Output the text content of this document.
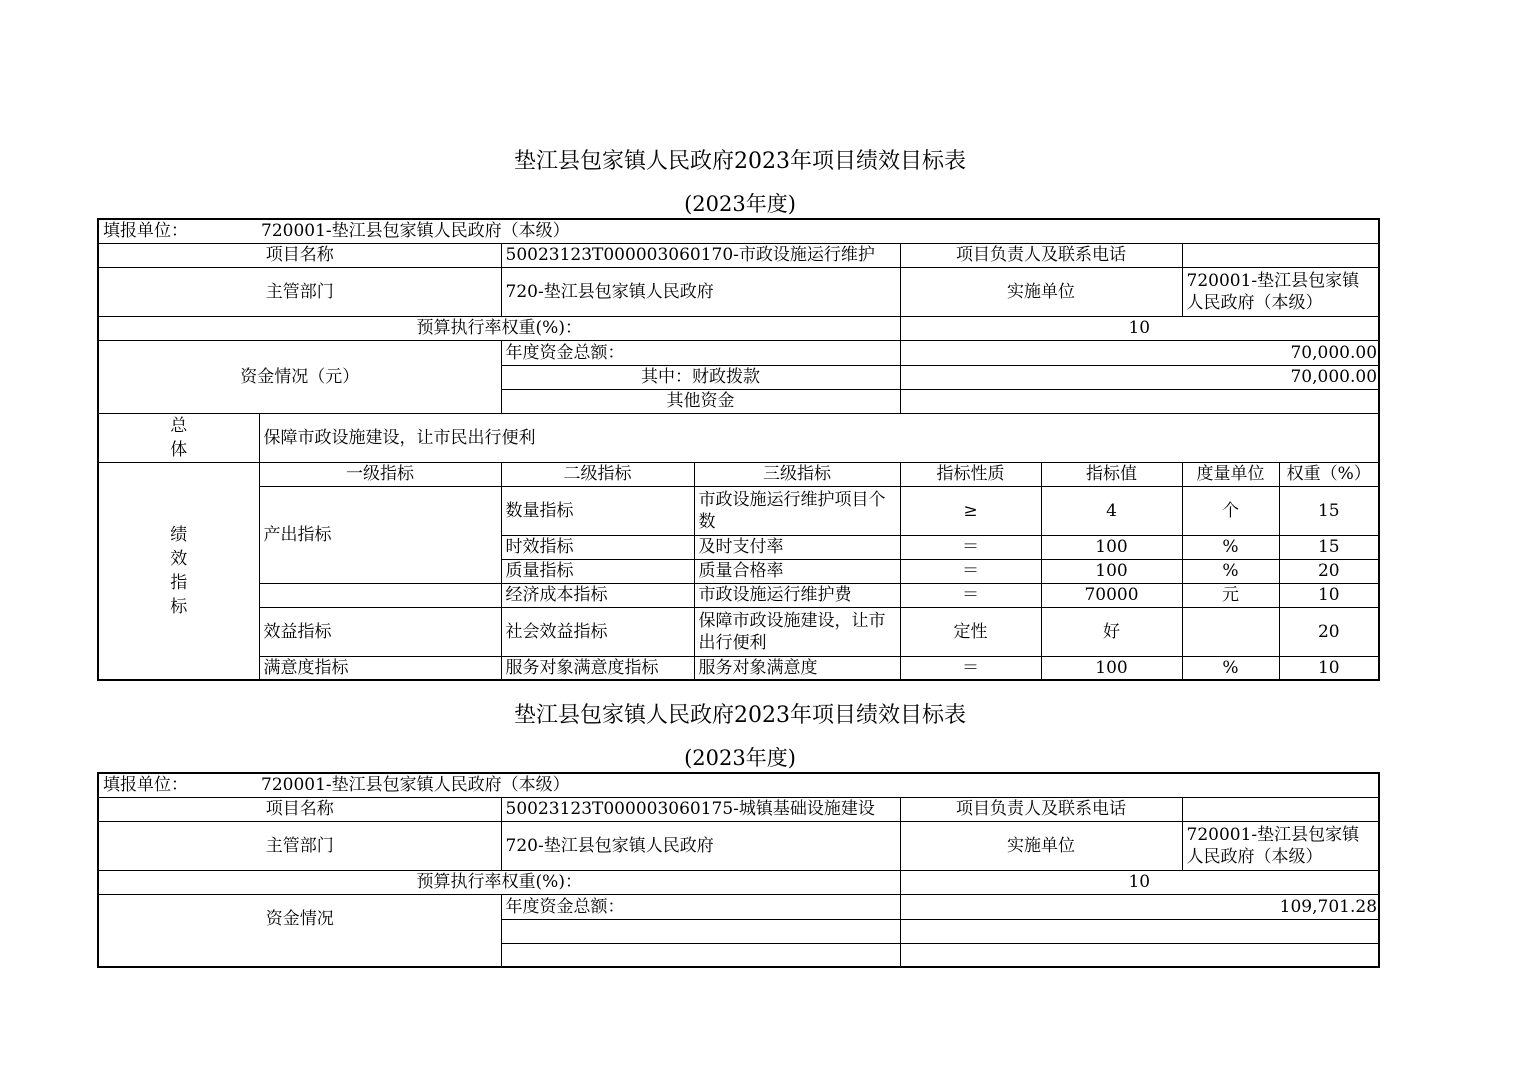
垫江县包家镇人民政府2023年项目绩效目标表
(2023年度)
填报单位： 720001-垫江县包家镇人民政府（本级）							
项目名称		50023123T000003060170-市政设施运行维护		项目负责人及联系电话			
主管部门		720-垫江县包家镇人民政府		实施单位		720001-垫江县包家镇人民政府（本级）	
预算执行率权重(%)：				10			
资金情况（元）		年度资金总额：		70,000.00			
		其中：财政拨款		70,000.00			
		其他资金					
总体	保障市政设施建设，让市民出行便利						
绩效指标	一级指标	二级指标	三级指标	指标性质	指标值	度量单位	权重（%）
	产出指标	数量指标	市政设施运行维护项目个数	≥	4	个	15
		时效指标	及时支付率	＝	100	%	15
		质量指标	质量合格率	＝	100	%	20
		经济成本指标	市政设施运行维护费	＝	70000	元	10
	效益指标	社会效益指标	保障市政设施建设，让市出行便利	定性	好		20
	满意度指标	服务对象满意度指标	服务对象满意度	＝	100	%	10
垫江县包家镇人民政府2023年项目绩效目标表
(2023年度)
填报单位： 720001-垫江县包家镇人民政府（本级）			
项目名称	50023123T000003060175-城镇基础设施建设	项目负责人及联系电话	
主管部门	720-垫江县包家镇人民政府	实施单位	720001-垫江县包家镇人民政府（本级）
预算执行率权重(%)：		10	
资金情况	年度资金总额：	109,701.28	
